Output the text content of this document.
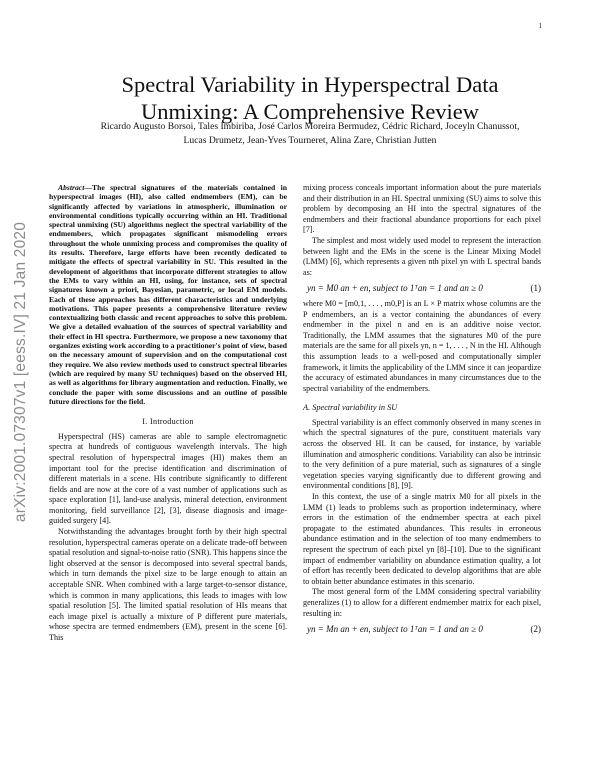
1
arXiv:2001.07307v1 [eess.IV] 21 Jan 2020
Spectral Variability in Hyperspectral Data
Unmixing: A Comprehensive Review
Ricardo Augusto Borsoi, Tales Imbiriba, José Carlos Moreira Bermudez, Cédric Richard, Joceyln Chanussot,
Lucas Drumetz, Jean-Yves Tourneret, Alina Zare, Christian Jutten

Abstract—The spectral signatures of the materials contained in hyperspectral images (HI), also called endmembers (EM), can be significantly affected by variations in atmospheric, illumination or environmental conditions typically occurring within an HI. Traditional spectral unmixing (SU) algorithms neglect the spectral variability of the endmembers, which propagates significant mismodeling errors throughout the whole unmixing process and compromises the quality of its results. Therefore, large efforts have been recently dedicated to mitigate the effects of spectral variability in SU. This resulted in the development of algorithms that incorporate different strategies to allow the EMs to vary within an HI, using, for instance, sets of spectral signatures known a priori, Bayesian, parametric, or local EM models. Each of these approaches has different characteristics and underlying motivations. This paper presents a comprehensive literature review contextualizing both classic and recent approaches to solve this problem. We give a detailed evaluation of the sources of spectral variability and their effect in HI spectra. Furthermore, we propose a new taxonomy that organizes existing work according to a practitioner's point of view, based on the necessary amount of supervision and on the computational cost they require. We also review methods used to construct spectral libraries (which are required by many SU techniques) based on the observed HI, as well as algorithms for library augmentation and reduction. Finally, we conclude the paper with some discussions and an outline of possible future directions for the field.

I. Introduction

Hyperspectral (HS) cameras are able to sample electromagnetic spectra at hundreds of contiguous wavelength intervals. The high spectral resolution of hyperspectral images (HI) makes them an important tool for the precise identification and discrimination of different materials in a scene. HIs contribute significantly to different fields and are now at the core of a vast number of applications such as space exploration [1], land-use analysis, mineral detection, environment monitoring, field surveillance [2], [3], disease diagnosis and image-guided surgery [4].

Notwithstanding the advantages brought forth by their high spectral resolution, hyperspectral cameras operate on a delicate trade-off between spatial resolution and signal-to-noise ratio (SNR). This happens since the light observed at the sensor is decomposed into several spectral bands, which in turn demands the pixel size to be large enough to attain an acceptable SNR. When combined with a large target-to-sensor distance, which is common in many applications, this leads to images with low spatial resolution [5]. The limited spatial resolution of HIs means that each image pixel is actually a mixture of P different pure materials, whose spectra are termed endmembers (EM), present in the scene [6]. This

mixing process conceals important information about the pure materials and their distribution in an HI. Spectral unmixing (SU) aims to solve this problem by decomposing an HI into the spectral signatures of the endmembers and their fractional abundance proportions for each pixel [7].

The simplest and most widely used model to represent the interaction between light and the EMs in the scene is the Linear Mixing Model (LMM) [6], which represents a given nth pixel yn with L spectral bands as:

yn = M0 an + en, subject to 1ᵀan = 1 and an ≥ 0	(1)

where M0 = [m0,1, . . . , m0,P] is an L × P matrix whose columns are the P endmembers, an is a vector containing the abundances of every endmember in the pixel n and en is an additive noise vector. Traditionally, the LMM assumes that the signatures M0 of the pure materials are the same for all pixels yn, n = 1, . . . , N in the HI. Although this assumption leads to a well-posed and computationally simpler framework, it limits the applicability of the LMM since it can jeopardize the accuracy of estimated abundances in many circumstances due to the spectral variability of the endmembers.

A. Spectral variability in SU

Spectral variability is an effect commonly observed in many scenes in which the spectral signatures of the pure, constituent materials vary across the observed HI. It can be caused, for instance, by variable illumination and atmospheric conditions. Variability can also be intrinsic to the very definition of a pure material, such as signatures of a single vegetation species varying significantly due to different growing and environmental conditions [8], [9].

In this context, the use of a single matrix M0 for all pixels in the LMM (1) leads to problems such as proportion indeterminacy, where errors in the estimation of the endmember spectra at each pixel propagate to the estimated abundances. This results in erroneous abundance estimation and in the selection of too many endmembers to represent the spectrum of each pixel yn [8]–[10]. Due to the significant impact of endmember variability on abundance estimation quality, a lot of effort has recently been dedicated to develop algorithms that are able to obtain better abundance estimates in this scenario.

The most general form of the LMM considering spectral variability generalizes (1) to allow for a different endmember matrix for each pixel, resulting in:

yn = Mn an + en, subject to 1ᵀan = 1 and an ≥ 0	(2)
